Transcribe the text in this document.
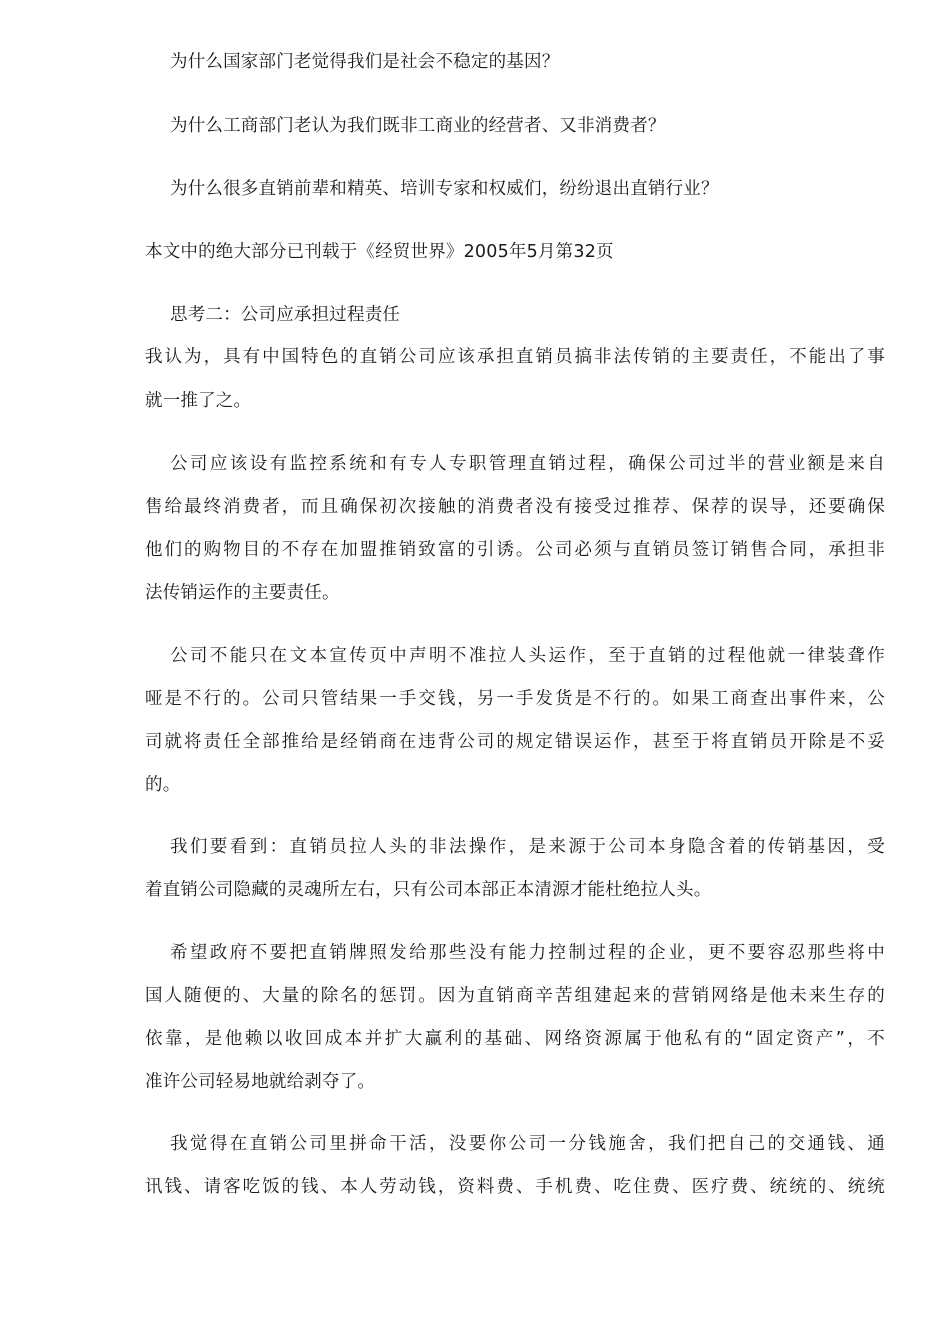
为什么国家部门老觉得我们是社会不稳定的基因？
为什么工商部门老认为我们既非工商业的经营者、又非消费者？
为什么很多直销前辈和精英、培训专家和权威们，纷纷退出直销行业？
本文中的绝大部分已刊载于《经贸世界》2005年5月第32页
思考二：公司应承担过程责任
我认为，具有中国特色的直销公司应该承担直销员搞非法传销的主要责任，不能出了事
就一推了之。
公司应该设有监控系统和有专人专职管理直销过程，确保公司过半的营业额是来自
售给最终消费者，而且确保初次接触的消费者没有接受过推荐、保荐的误导，还要确保
他们的购物目的不存在加盟推销致富的引诱。公司必须与直销员签订销售合同，承担非
法传销运作的主要责任。
公司不能只在文本宣传页中声明不准拉人头运作，至于直销的过程他就一律装聋作
哑是不行的。公司只管结果一手交钱，另一手发货是不行的。如果工商查出事件来，公
司就将责任全部推给是经销商在违背公司的规定错误运作，甚至于将直销员开除是不妥
的。
我们要看到：直销员拉人头的非法操作，是来源于公司本身隐含着的传销基因，受
着直销公司隐藏的灵魂所左右，只有公司本部正本清源才能杜绝拉人头。
希望政府不要把直销牌照发给那些没有能力控制过程的企业，更不要容忍那些将中
国人随便的、大量的除名的惩罚。因为直销商辛苦组建起来的营销网络是他未来生存的
依靠，是他赖以收回成本并扩大赢利的基础、网络资源属于他私有的“固定资产”，不
准许公司轻易地就给剥夺了。
我觉得在直销公司里拼命干活，没要你公司一分钱施舍，我们把自己的交通钱、通
讯钱、请客吃饭的钱、本人劳动钱，资料费、手机费、吃住费、医疗费、统统的、统统
